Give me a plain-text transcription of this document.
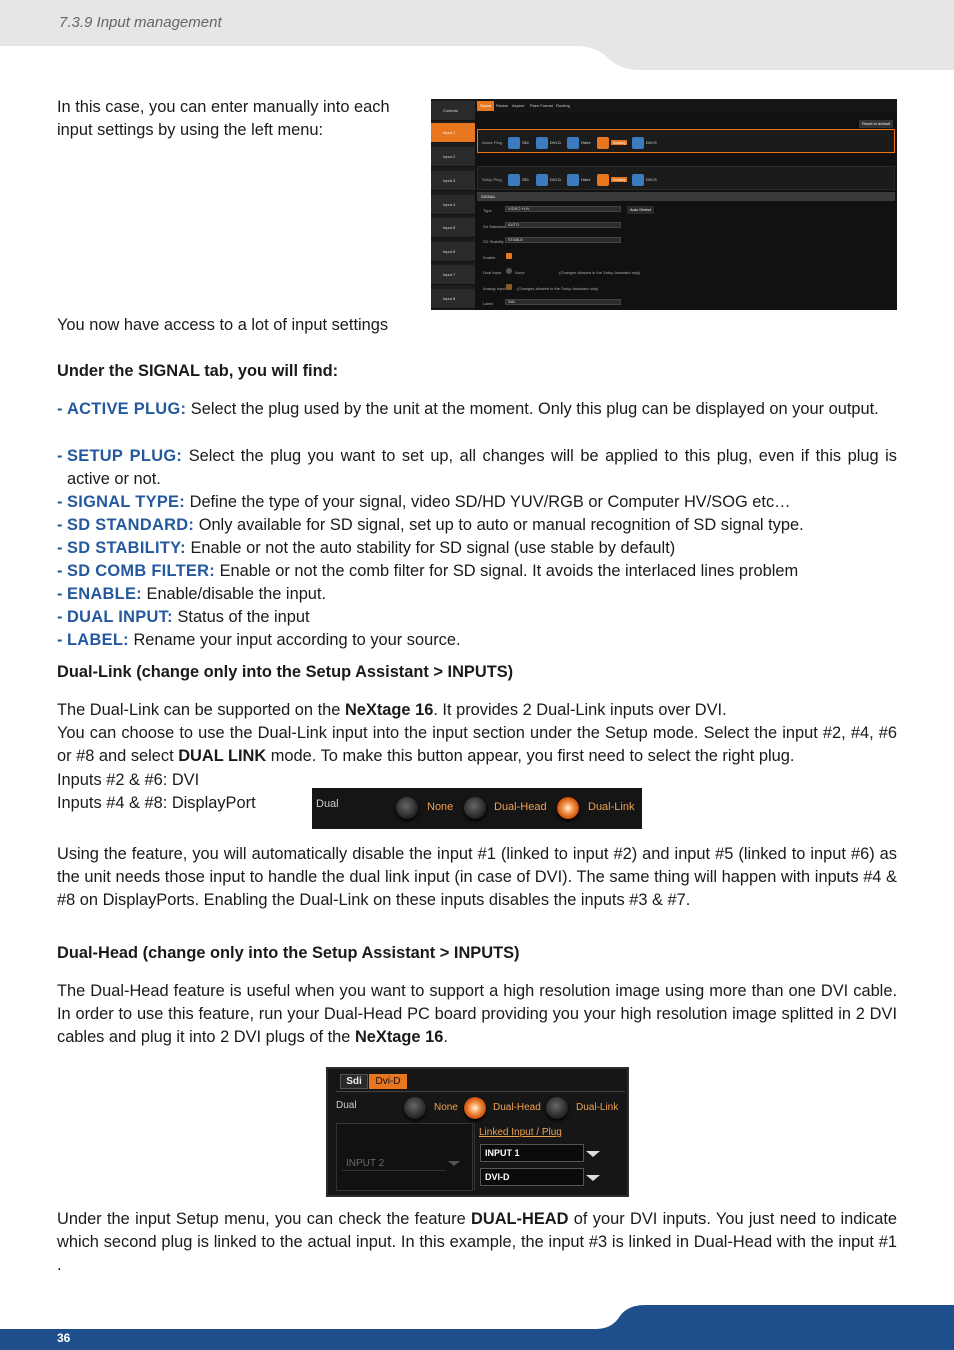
7.3.9 Input management
In this case, you can enter manually into each input settings by using the left menu:
Controls
Input 1
Input 2
Input 3
Input 4
Input 5
Input 6
Input 7
Input 8
Signal	Resize Aspect	Flare Format Routing
Reset to default
Active Plug	SDI	DVI-D	Hdmi	Analog	DVI-S
Setup Plug	SDI	DVI-D	Hdmi	Analog	DVI-S
SIGNAL
Type	VIDEO YUV	Auto Detect
Sd Standard AUTO
SD Stability	STABLE
Enable
Dual Input	None	(Changes allowed in the Setup Assistant only)
Analog Input	(Changes allowed in the Setup Assistant only)
Label	Sd1
You now have access to a lot of input settings
Under the SIGNAL tab, you will find:
- ACTIVE PLUG: Select the plug used by the unit at the moment. Only this plug can be displayed on your output.
- SETUP PLUG: Select the plug you want to set up, all changes will be applied to this plug, even if this plug is active or not.
- SIGNAL TYPE: Define the type of your signal, video SD/HD YUV/RGB or Computer HV/SOG etc…
- SD STANDARD: Only available for SD signal, set up to auto or manual recognition of SD signal type.
- SD STABILITY: Enable or not the auto stability for SD signal (use stable by default)
- SD COMB FILTER: Enable or not the comb filter for SD signal. It avoids the interlaced lines problem
- ENABLE: Enable/disable the input.
- DUAL INPUT: Status of the input
- LABEL: Rename your input according to your source.
Dual-Link (change only into the Setup Assistant > INPUTS)
The Dual-Link can be supported on the NeXtage 16. It provides 2 Dual-Link inputs over DVI.
You can choose to use the Dual-Link input into the input section under the Setup mode. Select the input #2, #4, #6 or #8 and select DUAL LINK mode. To make this button appear, you first need to select the right plug.
Inputs #2 & #6: DVI
Inputs #4 & #8: DisplayPort	Dual	None	Dual-Head	Dual-Link
Using the feature, you will automatically disable the input #1 (linked to input #2) and input #5 (linked to input #6) as the unit needs those input to handle the dual link input (in case of DVI). The same thing will happen with inputs #4 & #8 on DisplayPorts. Enabling the Dual-Link on these inputs disables the inputs #3 & #7.
Dual-Head (change only into the Setup Assistant > INPUTS)
The Dual-Head feature is useful when you want to support a high resolution image using more than one DVI cable. In order to use this feature, run your Dual-Head PC board providing you your high resolution image splitted in 2 DVI cables and plug it into 2 DVI plugs of the NeXtage 16.
Sdi	Dvi-D
Dual	None	Dual-Head	Dual-Link
INPUT 2
Linked Input / Plug
INPUT 1
DVI-D
Under the input Setup menu, you can check the feature DUAL-HEAD of your DVI inputs. You just need to indicate which second plug is linked to the actual input. In this example, the input #3 is linked in Dual-Head with the input #1 .
36
